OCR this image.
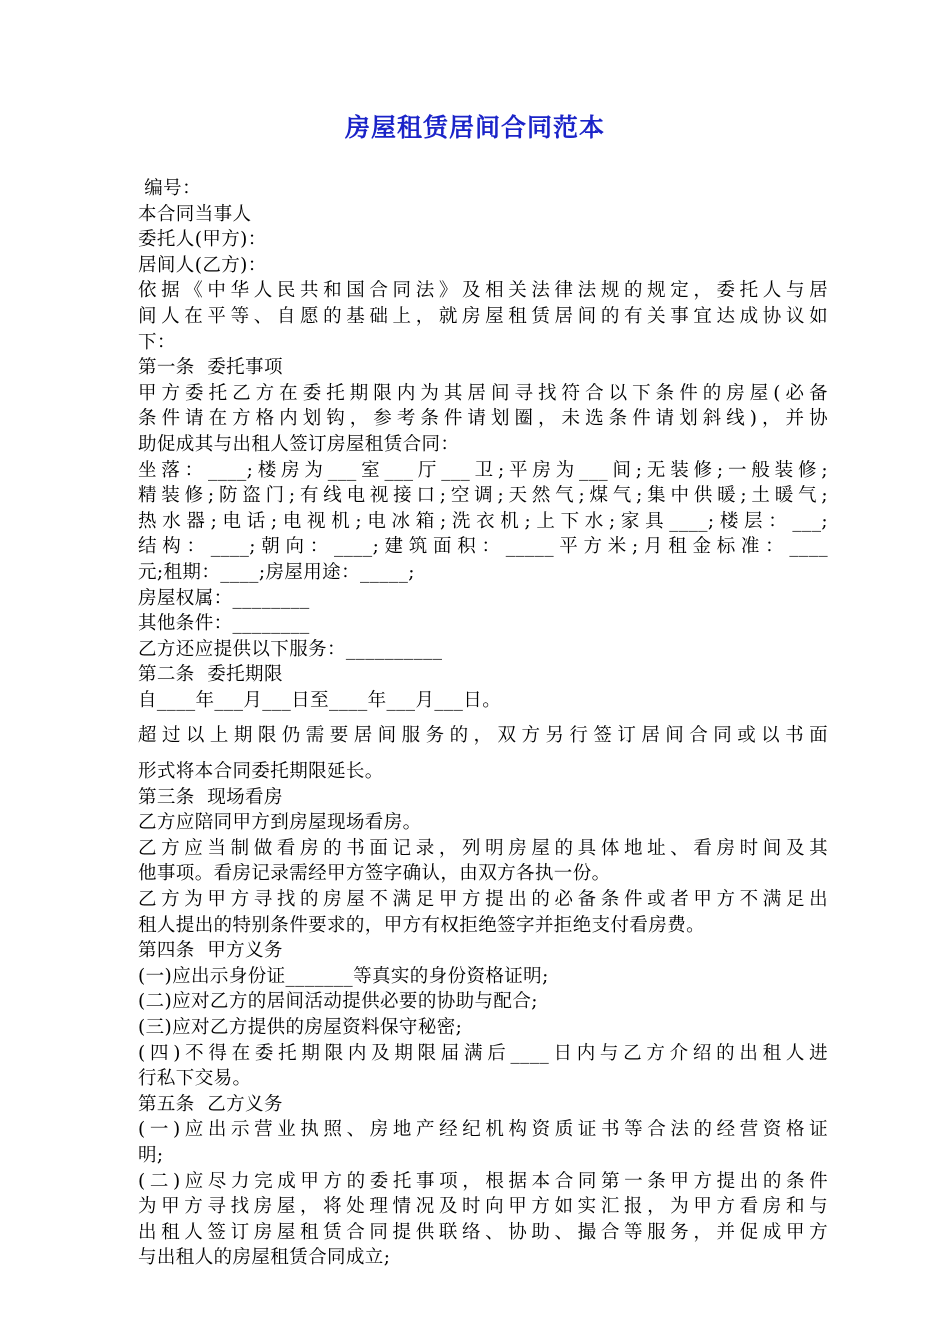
房屋租赁居间合同范本
编号：
本合同当事人
委托人(甲方)：
居间人(乙方)：
依据《中华人民共和国合同法》及相关法律法规的规定，委托人与居
间人在平等、自愿的基础上，就房屋租赁居间的有关事宜达成协议如
下：
第一条  委托事项
甲方委托乙方在委托期限内为其居间寻找符合以下条件的房屋(必备
条件请在方格内划钩，参考条件请划圈，未选条件请划斜线)，并协
助促成其与出租人签订房屋租赁合同：
坐落：____;楼房为___室___厅___卫;平房为___间;无装修;一般装修;
精装修;防盗门;有线电视接口;空调;天然气;煤气;集中供暖;土暖气;
热水器;电话;电视机;电冰箱;洗衣机;上下水;家具____;楼层：___;
结构：____;朝向：____;建筑面积：_____平方米;月租金标准：____
元;租期：____;房屋用途：_____;
房屋权属：________
其他条件：________
乙方还应提供以下服务：__________
第二条  委托期限
自____年___月___日至____年___月___日。
超过以上期限仍需要居间服务的，双方另行签订居间合同或以书面
形式将本合同委托期限延长。
第三条  现场看房
乙方应陪同甲方到房屋现场看房。
乙方应当制做看房的书面记录，列明房屋的具体地址、看房时间及其
他事项。看房记录需经甲方签字确认，由双方各执一份。
乙方为甲方寻找的房屋不满足甲方提出的必备条件或者甲方不满足出
租人提出的特别条件要求的，甲方有权拒绝签字并拒绝支付看房费。
第四条  甲方义务
(一)应出示身份证_______等真实的身份资格证明;
(二)应对乙方的居间活动提供必要的协助与配合;
(三)应对乙方提供的房屋资料保守秘密;
(四)不得在委托期限内及期限届满后____日内与乙方介绍的出租人进
行私下交易。
第五条  乙方义务
(一)应出示营业执照、房地产经纪机构资质证书等合法的经营资格证
明;
(二)应尽力完成甲方的委托事项，根据本合同第一条甲方提出的条件
为甲方寻找房屋，将处理情况及时向甲方如实汇报，为甲方看房和与
出租人签订房屋租赁合同提供联络、协助、撮合等服务，并促成甲方
与出租人的房屋租赁合同成立;
